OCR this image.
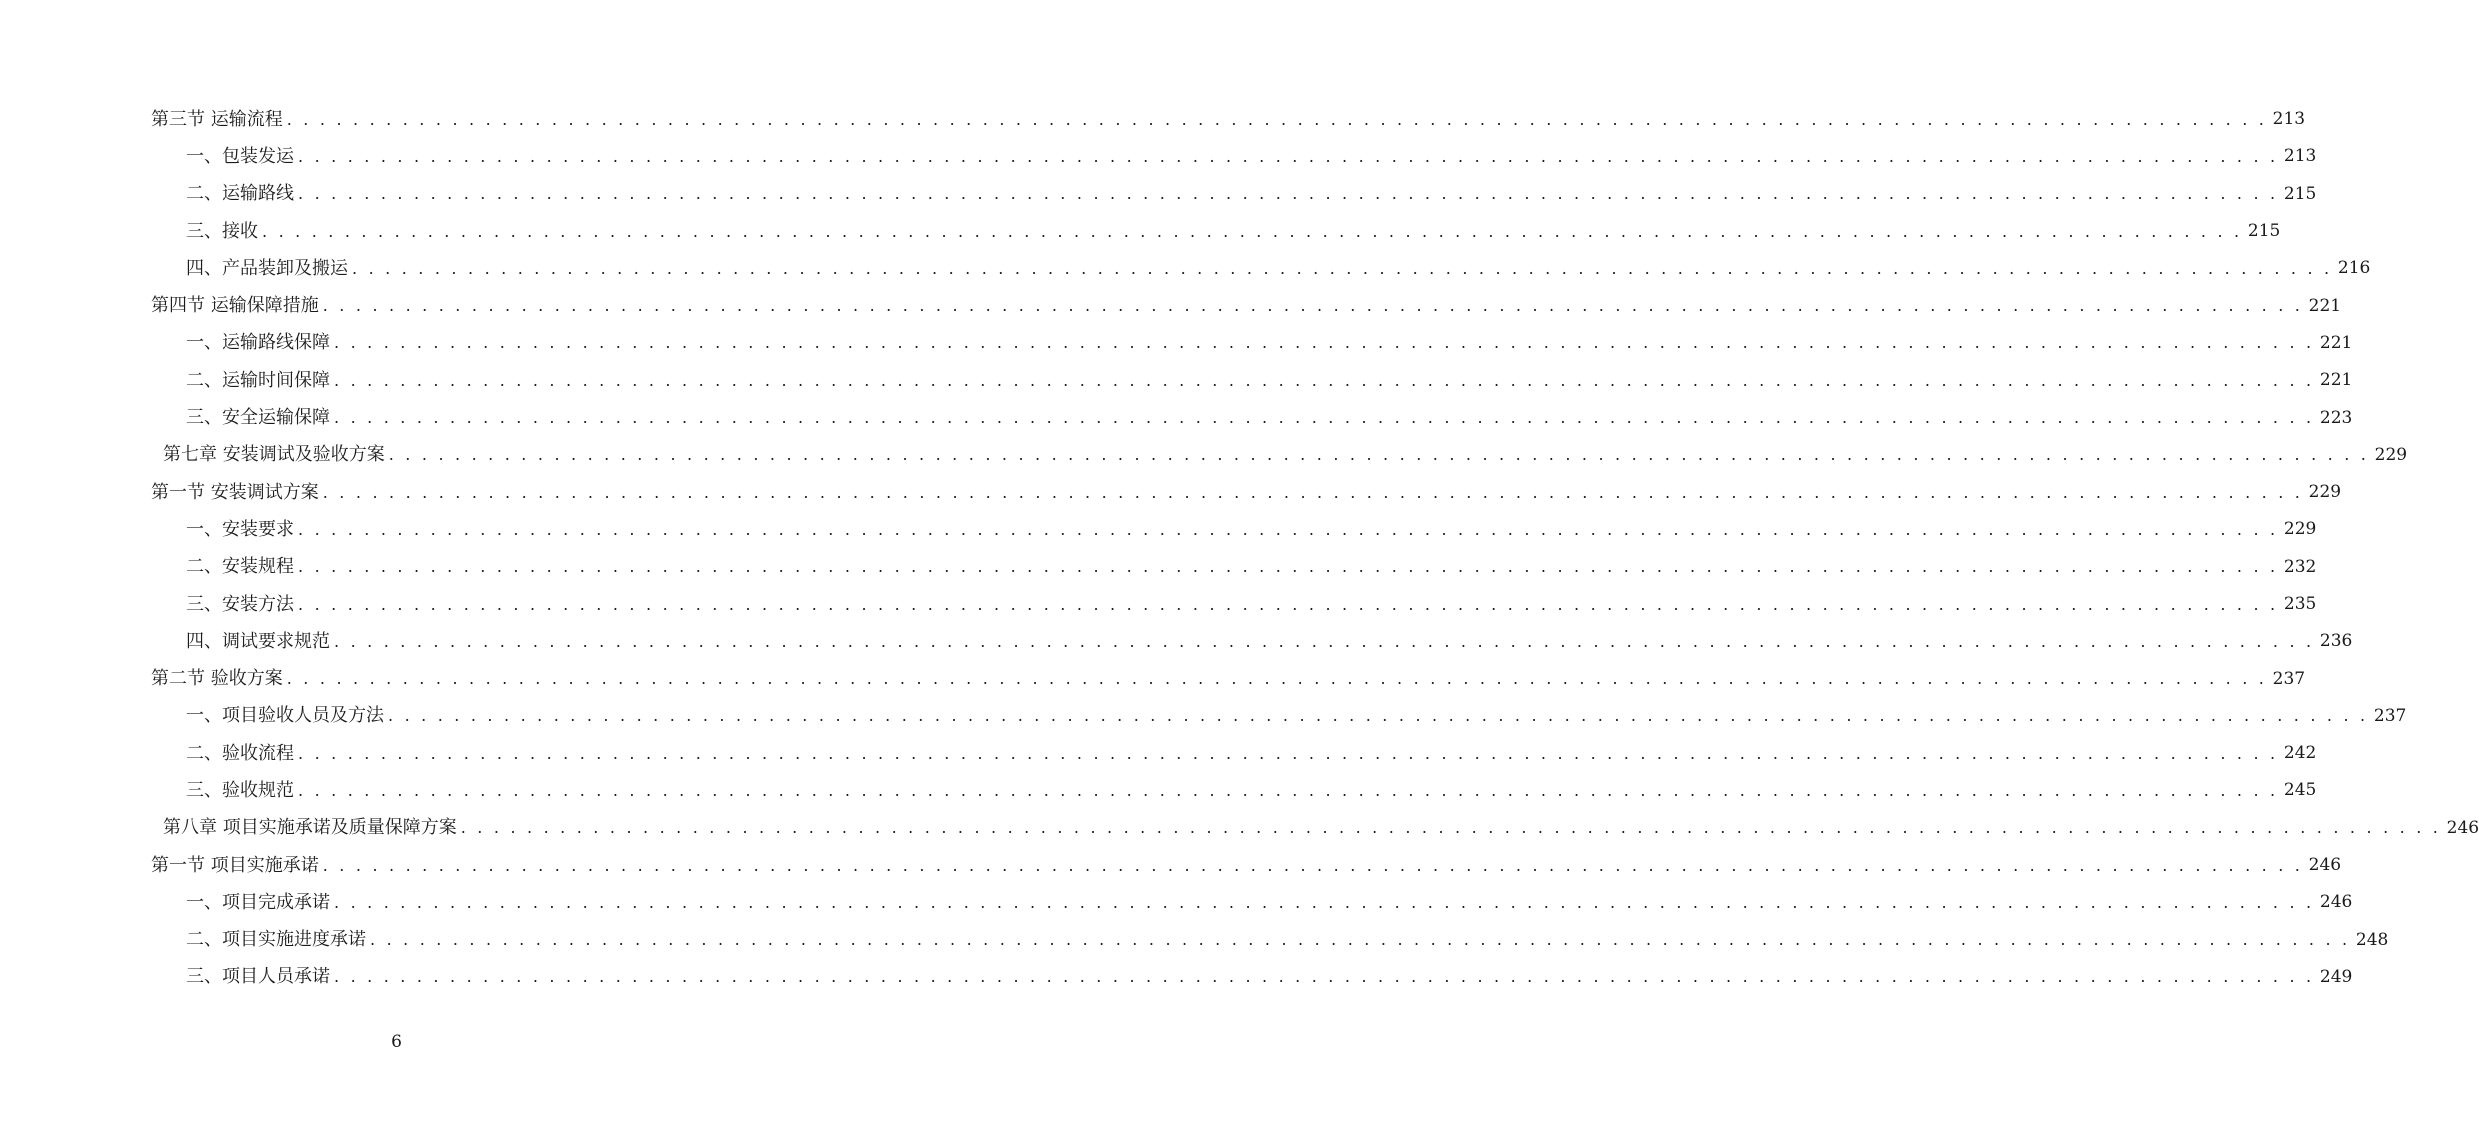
第三节 运输流程 . . . . . . . . . . . . . . . . . . . . . . . . . . . . . . . . . . . . . . . . . . . . . . . . . . . . . . . . . . . . . . . . . . . . . . . . . . . . . . . . . . . . . . . . . . . . . . . . . . . . . . . . . . . . . . . . . . . . . . . . 213
一、包装发运 . . . . . . . . . . . . . . . . . . . . . . . . . . . . . . . . . . . . . . . . . . . . . . . . . . . . . . . . . . . . . . . . . . . . . . . . . . . . . . . . . . . . . . . . . . . . . . . . . . . . . . . . . . . . . . . . . . . . . . . . 213
二、运输路线 . . . . . . . . . . . . . . . . . . . . . . . . . . . . . . . . . . . . . . . . . . . . . . . . . . . . . . . . . . . . . . . . . . . . . . . . . . . . . . . . . . . . . . . . . . . . . . . . . . . . . . . . . . . . . . . . . . . . . . . . 215
三、接收 . . . . . . . . . . . . . . . . . . . . . . . . . . . . . . . . . . . . . . . . . . . . . . . . . . . . . . . . . . . . . . . . . . . . . . . . . . . . . . . . . . . . . . . . . . . . . . . . . . . . . . . . . . . . . . . . . . . . . . . . 215
四、产品装卸及搬运 . . . . . . . . . . . . . . . . . . . . . . . . . . . . . . . . . . . . . . . . . . . . . . . . . . . . . . . . . . . . . . . . . . . . . . . . . . . . . . . . . . . . . . . . . . . . . . . . . . . . . . . . . . . . . . . . . . . . . . . . 216
第四节 运输保障措施 . . . . . . . . . . . . . . . . . . . . . . . . . . . . . . . . . . . . . . . . . . . . . . . . . . . . . . . . . . . . . . . . . . . . . . . . . . . . . . . . . . . . . . . . . . . . . . . . . . . . . . . . . . . . . . . . . . . . . . . . 221
一、运输路线保障 . . . . . . . . . . . . . . . . . . . . . . . . . . . . . . . . . . . . . . . . . . . . . . . . . . . . . . . . . . . . . . . . . . . . . . . . . . . . . . . . . . . . . . . . . . . . . . . . . . . . . . . . . . . . . . . . . . . . . . . . 221
二、运输时间保障 . . . . . . . . . . . . . . . . . . . . . . . . . . . . . . . . . . . . . . . . . . . . . . . . . . . . . . . . . . . . . . . . . . . . . . . . . . . . . . . . . . . . . . . . . . . . . . . . . . . . . . . . . . . . . . . . . . . . . . . . 221
三、安全运输保障 . . . . . . . . . . . . . . . . . . . . . . . . . . . . . . . . . . . . . . . . . . . . . . . . . . . . . . . . . . . . . . . . . . . . . . . . . . . . . . . . . . . . . . . . . . . . . . . . . . . . . . . . . . . . . . . . . . . . . . . . 223
第七章 安装调试及验收方案 . . . . . . . . . . . . . . . . . . . . . . . . . . . . . . . . . . . . . . . . . . . . . . . . . . . . . . . . . . . . . . . . . . . . . . . . . . . . . . . . . . . . . . . . . . . . . . . . . . . . . . . . . . . . . . . . . . . . . . . . 229
第一节 安装调试方案 . . . . . . . . . . . . . . . . . . . . . . . . . . . . . . . . . . . . . . . . . . . . . . . . . . . . . . . . . . . . . . . . . . . . . . . . . . . . . . . . . . . . . . . . . . . . . . . . . . . . . . . . . . . . . . . . . . . . . . . . 229
一、安装要求 . . . . . . . . . . . . . . . . . . . . . . . . . . . . . . . . . . . . . . . . . . . . . . . . . . . . . . . . . . . . . . . . . . . . . . . . . . . . . . . . . . . . . . . . . . . . . . . . . . . . . . . . . . . . . . . . . . . . . . . . 229
二、安装规程 . . . . . . . . . . . . . . . . . . . . . . . . . . . . . . . . . . . . . . . . . . . . . . . . . . . . . . . . . . . . . . . . . . . . . . . . . . . . . . . . . . . . . . . . . . . . . . . . . . . . . . . . . . . . . . . . . . . . . . . . 232
三、安装方法 . . . . . . . . . . . . . . . . . . . . . . . . . . . . . . . . . . . . . . . . . . . . . . . . . . . . . . . . . . . . . . . . . . . . . . . . . . . . . . . . . . . . . . . . . . . . . . . . . . . . . . . . . . . . . . . . . . . . . . . . 235
四、调试要求规范 . . . . . . . . . . . . . . . . . . . . . . . . . . . . . . . . . . . . . . . . . . . . . . . . . . . . . . . . . . . . . . . . . . . . . . . . . . . . . . . . . . . . . . . . . . . . . . . . . . . . . . . . . . . . . . . . . . . . . . . . 236
第二节 验收方案 . . . . . . . . . . . . . . . . . . . . . . . . . . . . . . . . . . . . . . . . . . . . . . . . . . . . . . . . . . . . . . . . . . . . . . . . . . . . . . . . . . . . . . . . . . . . . . . . . . . . . . . . . . . . . . . . . . . . . . . . 237
一、项目验收人员及方法 . . . . . . . . . . . . . . . . . . . . . . . . . . . . . . . . . . . . . . . . . . . . . . . . . . . . . . . . . . . . . . . . . . . . . . . . . . . . . . . . . . . . . . . . . . . . . . . . . . . . . . . . . . . . . . . . . . . . . . . . 237
二、验收流程 . . . . . . . . . . . . . . . . . . . . . . . . . . . . . . . . . . . . . . . . . . . . . . . . . . . . . . . . . . . . . . . . . . . . . . . . . . . . . . . . . . . . . . . . . . . . . . . . . . . . . . . . . . . . . . . . . . . . . . . . 242
三、验收规范 . . . . . . . . . . . . . . . . . . . . . . . . . . . . . . . . . . . . . . . . . . . . . . . . . . . . . . . . . . . . . . . . . . . . . . . . . . . . . . . . . . . . . . . . . . . . . . . . . . . . . . . . . . . . . . . . . . . . . . . . 245
第八章 项目实施承诺及质量保障方案 . . . . . . . . . . . . . . . . . . . . . . . . . . . . . . . . . . . . . . . . . . . . . . . . . . . . . . . . . . . . . . . . . . . . . . . . . . . . . . . . . . . . . . . . . . . . . . . . . . . . . . . . . . . . . . . . . . . . . . . . 246
第一节 项目实施承诺 . . . . . . . . . . . . . . . . . . . . . . . . . . . . . . . . . . . . . . . . . . . . . . . . . . . . . . . . . . . . . . . . . . . . . . . . . . . . . . . . . . . . . . . . . . . . . . . . . . . . . . . . . . . . . . . . . . . . . . . . 246
一、项目完成承诺 . . . . . . . . . . . . . . . . . . . . . . . . . . . . . . . . . . . . . . . . . . . . . . . . . . . . . . . . . . . . . . . . . . . . . . . . . . . . . . . . . . . . . . . . . . . . . . . . . . . . . . . . . . . . . . . . . . . . . . . . 246
二、项目实施进度承诺 . . . . . . . . . . . . . . . . . . . . . . . . . . . . . . . . . . . . . . . . . . . . . . . . . . . . . . . . . . . . . . . . . . . . . . . . . . . . . . . . . . . . . . . . . . . . . . . . . . . . . . . . . . . . . . . . . . . . . . . . 248
三、项目人员承诺 . . . . . . . . . . . . . . . . . . . . . . . . . . . . . . . . . . . . . . . . . . . . . . . . . . . . . . . . . . . . . . . . . . . . . . . . . . . . . . . . . . . . . . . . . . . . . . . . . . . . . . . . . . . . . . . . . . . . . . . . 249
6
